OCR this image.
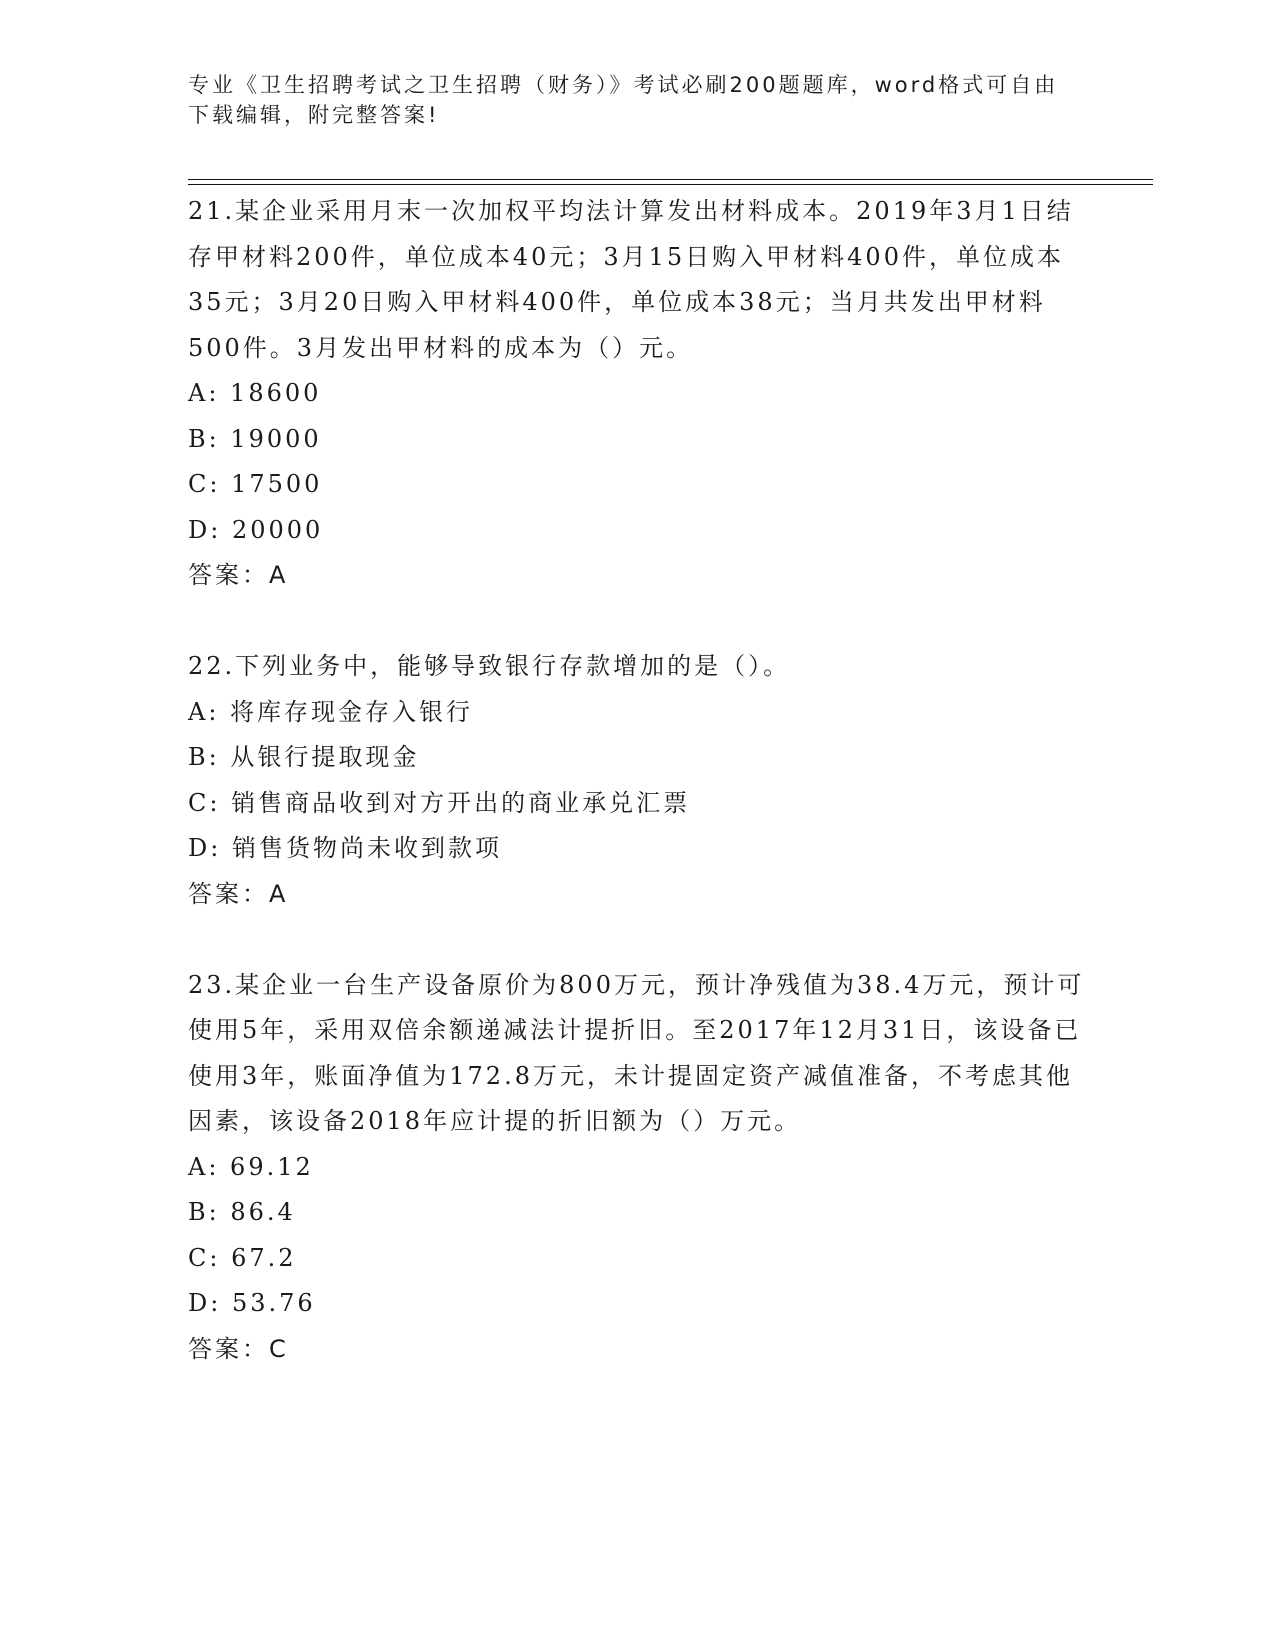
专业《卫生招聘考试之卫生招聘（财务）》考试必刷200题题库，word格式可自由下载编辑，附完整答案!

21.某企业采用月末一次加权平均法计算发出材料成本。2019年3月1日结存甲材料200件，单位成本40元；3月15日购入甲材料400件，单位成本35元；3月20日购入甲材料400件，单位成本38元；当月共发出甲材料500件。3月发出甲材料的成本为（）元。

A: 18600

B: 19000

C: 17500

D: 20000

答案：A

22.下列业务中，能够导致银行存款增加的是（）。

A: 将库存现金存入银行

B: 从银行提取现金

C: 销售商品收到对方开出的商业承兑汇票

D: 销售货物尚未收到款项

答案：A

23.某企业一台生产设备原价为800万元，预计净残值为38.4万元，预计可使用5年，采用双倍余额递减法计提折旧。至2017年12月31日，该设备已使用3年，账面净值为172.8万元，未计提固定资产减值准备，不考虑其他因素，该设备2018年应计提的折旧额为（）万元。

A: 69.12

B: 86.4

C: 67.2

D: 53.76

答案：C
